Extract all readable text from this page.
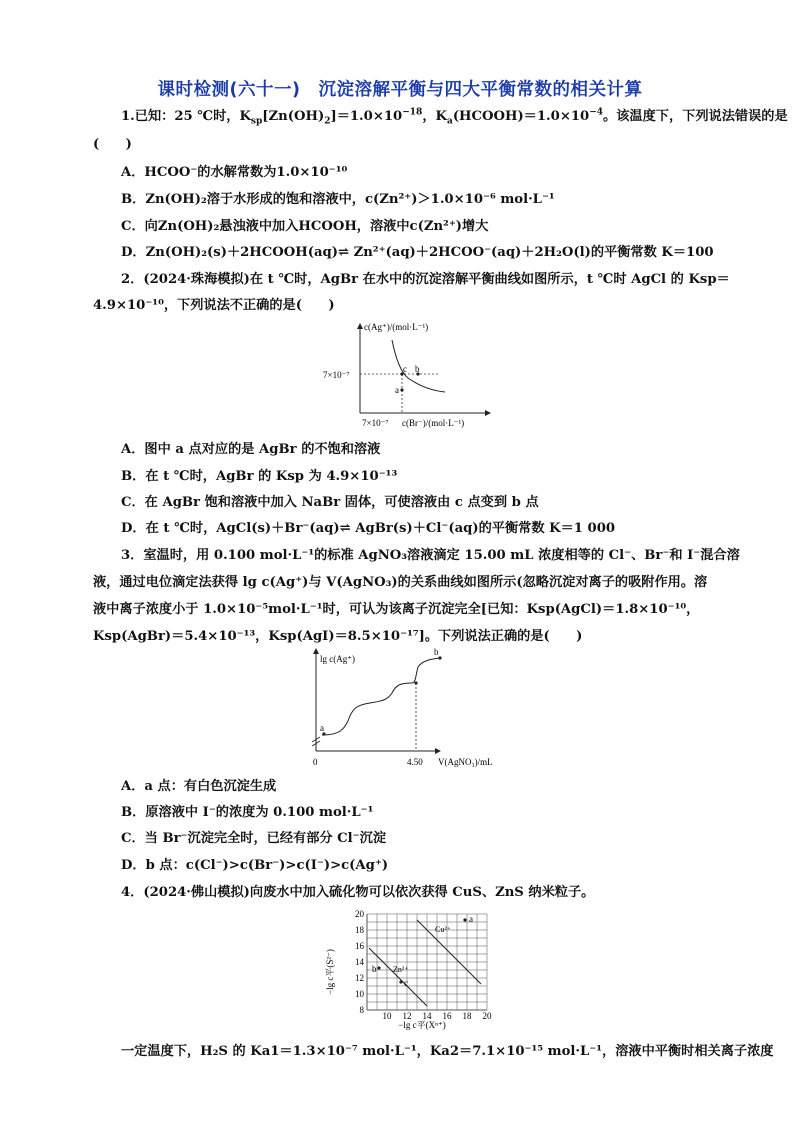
课时检测(六十一)　沉淀溶解平衡与四大平衡常数的相关计算
1.已知：25 ℃时，$K_{sp}[Zn(OH)_2]=1.0\times 10^{-18}$，$K_a(HCOOH)=1.0\times 10^{-4}$。该温度下，下列说法错误的是
(　　)
A．HCOO⁻的水解常数为1.0×10⁻¹⁰
B．Zn(OH)₂溶于水形成的饱和溶液中，c(Zn²⁺)＞1.0×10⁻⁶ mol·L⁻¹
C．向Zn(OH)₂悬浊液中加入HCOOH，溶液中c(Zn²⁺)增大
D．Zn(OH)₂(s)＋2HCOOH(aq)⇌ Zn²⁺(aq)＋2HCOO⁻(aq)＋2H₂O(l)的平衡常数 K＝100
2．(2024·珠海模拟)在 t ℃时，AgBr 在水中的沉淀溶解平衡曲线如图所示，t ℃时 AgCl 的 Ksp＝
4.9×10⁻¹⁰，下列说法不正确的是(　　)
c(Ag⁺)/(mol·L⁻¹)
c(Br⁻)/(mol·L⁻¹)
7×10⁻⁷
7×10⁻⁷
a
c b
A．图中 a 点对应的是 AgBr 的不饱和溶液
B．在 t ℃时，AgBr 的 Ksp 为 4.9×10⁻¹³
C．在 AgBr 饱和溶液中加入 NaBr 固体，可使溶液由 c 点变到 b 点
D．在 t ℃时，AgCl(s)＋Br⁻(aq)⇌ AgBr(s)＋Cl⁻(aq)的平衡常数 K＝1 000
3．室温时，用 0.100 mol·L⁻¹的标准 AgNO₃溶液滴定 15.00 mL 浓度相等的 Cl⁻、Br⁻和 I⁻混合溶
液，通过电位滴定法获得 lg c(Ag⁺)与 V(AgNO₃)的关系曲线如图所示(忽略沉淀对离子的吸附作用。溶
液中离子浓度小于 1.0×10⁻⁵mol·L⁻¹时，可认为该离子沉淀完全[已知：Ksp(AgCl)＝1.8×10⁻¹⁰，
Ksp(AgBr)＝5.4×10⁻¹³，Ksp(AgI)＝8.5×10⁻¹⁷]。下列说法正确的是(　　)
lg c(Ag⁺)
V(AgNO₃)/mL
0	4.50
a
b
A．a 点：有白色沉淀生成
B．原溶液中 I⁻的浓度为 0.100 mol·L⁻¹
C．当 Br⁻沉淀完全时，已经有部分 Cl⁻沉淀
D．b 点：c(Cl⁻)>c(Br⁻)>c(I⁻)>c(Ag⁺)
4．(2024·佛山模拟)向废水中加入硫化物可以依次获得 CuS、ZnS 纳米粒子。
20
18
16
14
12
10
8
10 12 14 16 18 20
−lg c平(S²⁻)
−lg c平(Xⁿ⁺)
a
b
c
Cu²⁺
Zn²⁺
一定温度下，H₂S 的 Ka1＝1.3×10⁻⁷ mol·L⁻¹，Ka2＝7.1×10⁻¹⁵ mol·L⁻¹，溶液中平衡时相关离子浓度
